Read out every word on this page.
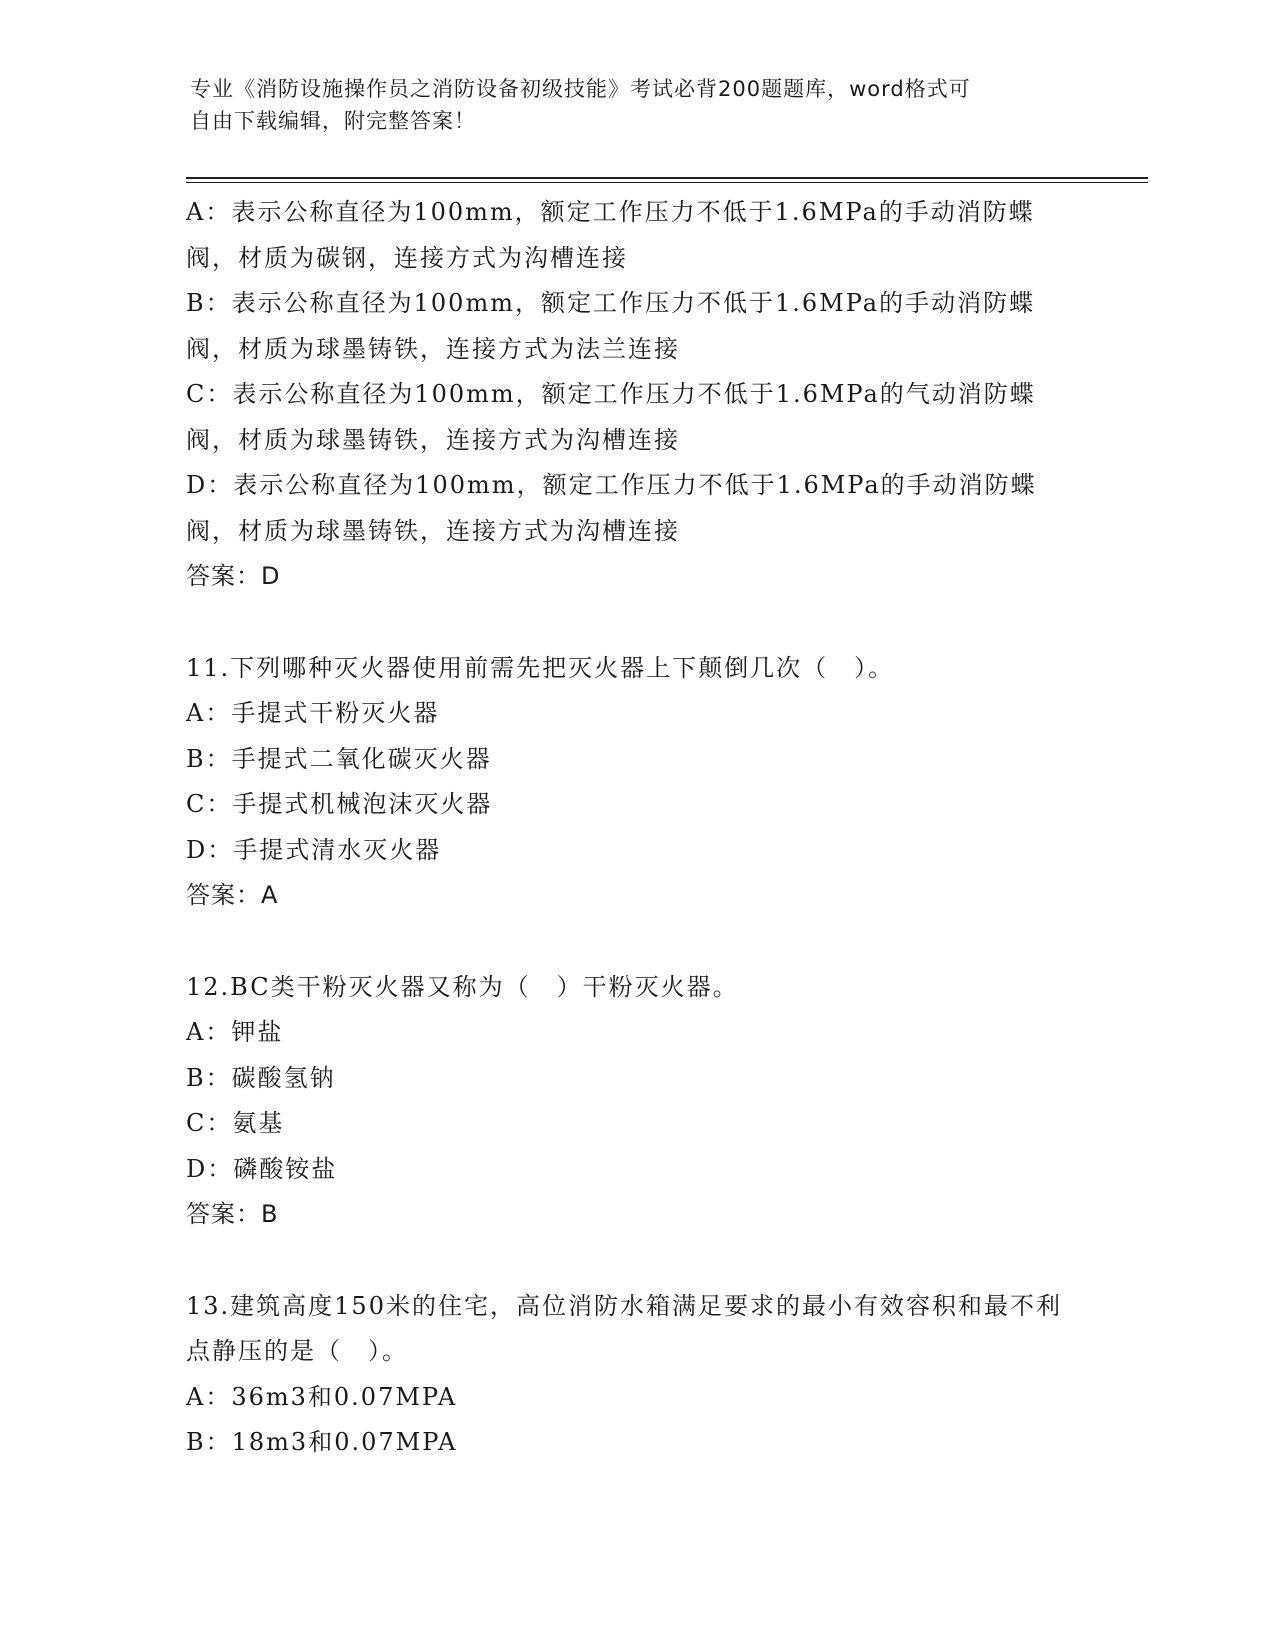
专业《消防设施操作员之消防设备初级技能》考试必背200题题库，word格式可
自由下载编辑，附完整答案！
A：表示公称直径为100mm，额定工作压力不低于1.6MPa的手动消防蝶阀，材质为碳钢，连接方式为沟槽连接
B：表示公称直径为100mm，额定工作压力不低于1.6MPa的手动消防蝶阀，材质为球墨铸铁，连接方式为法兰连接
C：表示公称直径为100mm，额定工作压力不低于1.6MPa的气动消防蝶阀，材质为球墨铸铁，连接方式为沟槽连接
D：表示公称直径为100mm，额定工作压力不低于1.6MPa的手动消防蝶阀，材质为球墨铸铁，连接方式为沟槽连接
答案：D
11.下列哪种灭火器使用前需先把灭火器上下颠倒几次（　）。
A：手提式干粉灭火器
B：手提式二氧化碳灭火器
C：手提式机械泡沫灭火器
D：手提式清水灭火器
答案：A
12.BC类干粉灭火器又称为（　）干粉灭火器。
A：钾盐
B：碳酸氢钠
C：氨基
D：磷酸铵盐
答案：B
13.建筑高度150米的住宅，高位消防水箱满足要求的最小有效容积和最不利点静压的是（　）。
A：36m3和0.07MPA
B：18m3和0.07MPA
